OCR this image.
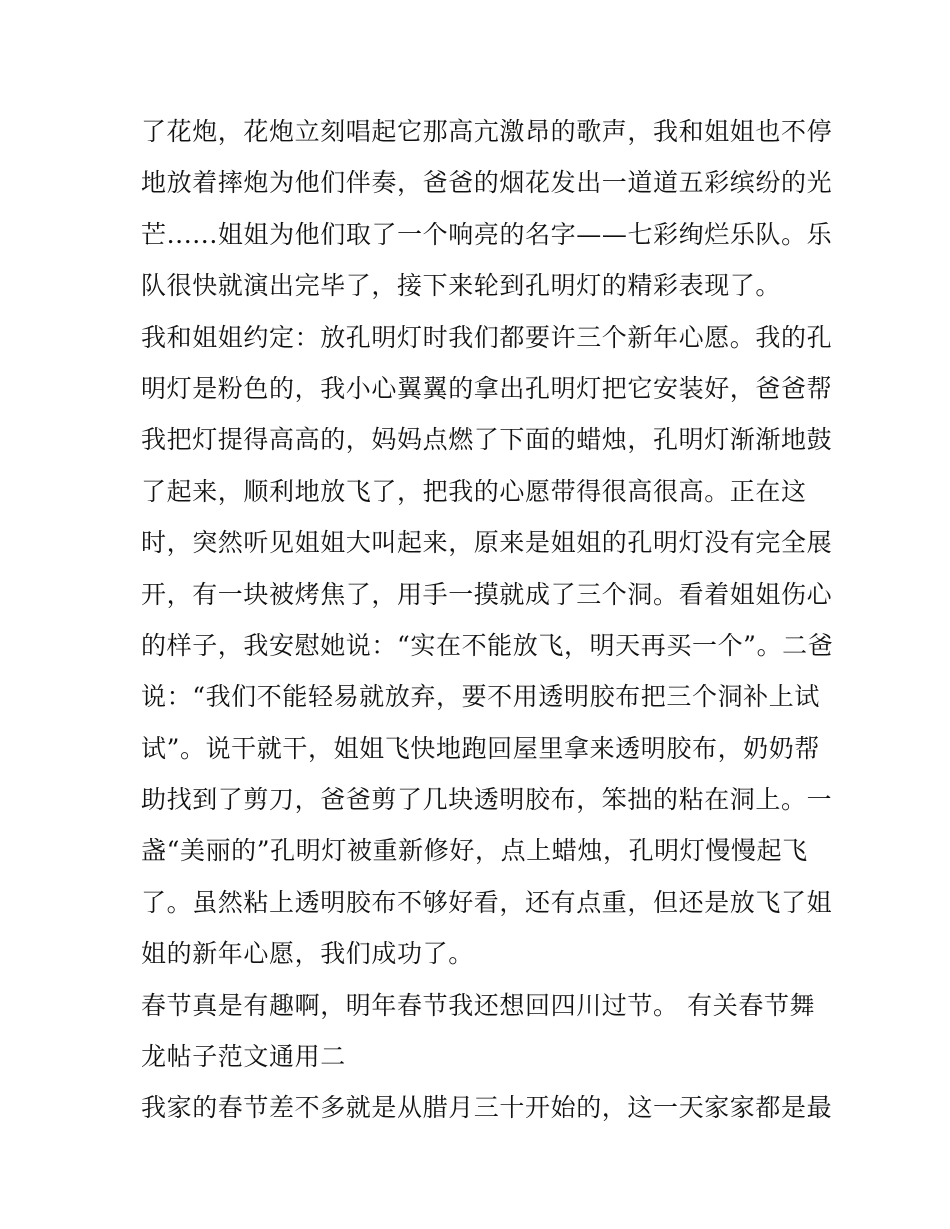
了花炮，花炮立刻唱起它那高亢激昂的歌声，我和姐姐也不停
地放着摔炮为他们伴奏，爸爸的烟花发出一道道五彩缤纷的光
芒......姐姐为他们取了一个响亮的名字——七彩绚烂乐队。乐
队很快就演出完毕了，接下来轮到孔明灯的精彩表现了。
我和姐姐约定：放孔明灯时我们都要许三个新年心愿。我的孔
明灯是粉色的，我小心翼翼的拿出孔明灯把它安装好，爸爸帮
我把灯提得高高的，妈妈点燃了下面的蜡烛，孔明灯渐渐地鼓
了起来，顺利地放飞了，把我的心愿带得很高很高。正在这
时，突然听见姐姐大叫起来，原来是姐姐的孔明灯没有完全展
开，有一块被烤焦了，用手一摸就成了三个洞。看着姐姐伤心
的样子，我安慰她说：“实在不能放飞，明天再买一个”。二爸
说：“我们不能轻易就放弃，要不用透明胶布把三个洞补上试
试”。说干就干，姐姐飞快地跑回屋里拿来透明胶布，奶奶帮
助找到了剪刀，爸爸剪了几块透明胶布，笨拙的粘在洞上。一
盏“美丽的”孔明灯被重新修好，点上蜡烛，孔明灯慢慢起飞
了。虽然粘上透明胶布不够好看，还有点重，但还是放飞了姐
姐的新年心愿，我们成功了。
春节真是有趣啊，明年春节我还想回四川过节。 有关春节舞
龙帖子范文通用二
我家的春节差不多就是从腊月三十开始的，这一天家家都是最
